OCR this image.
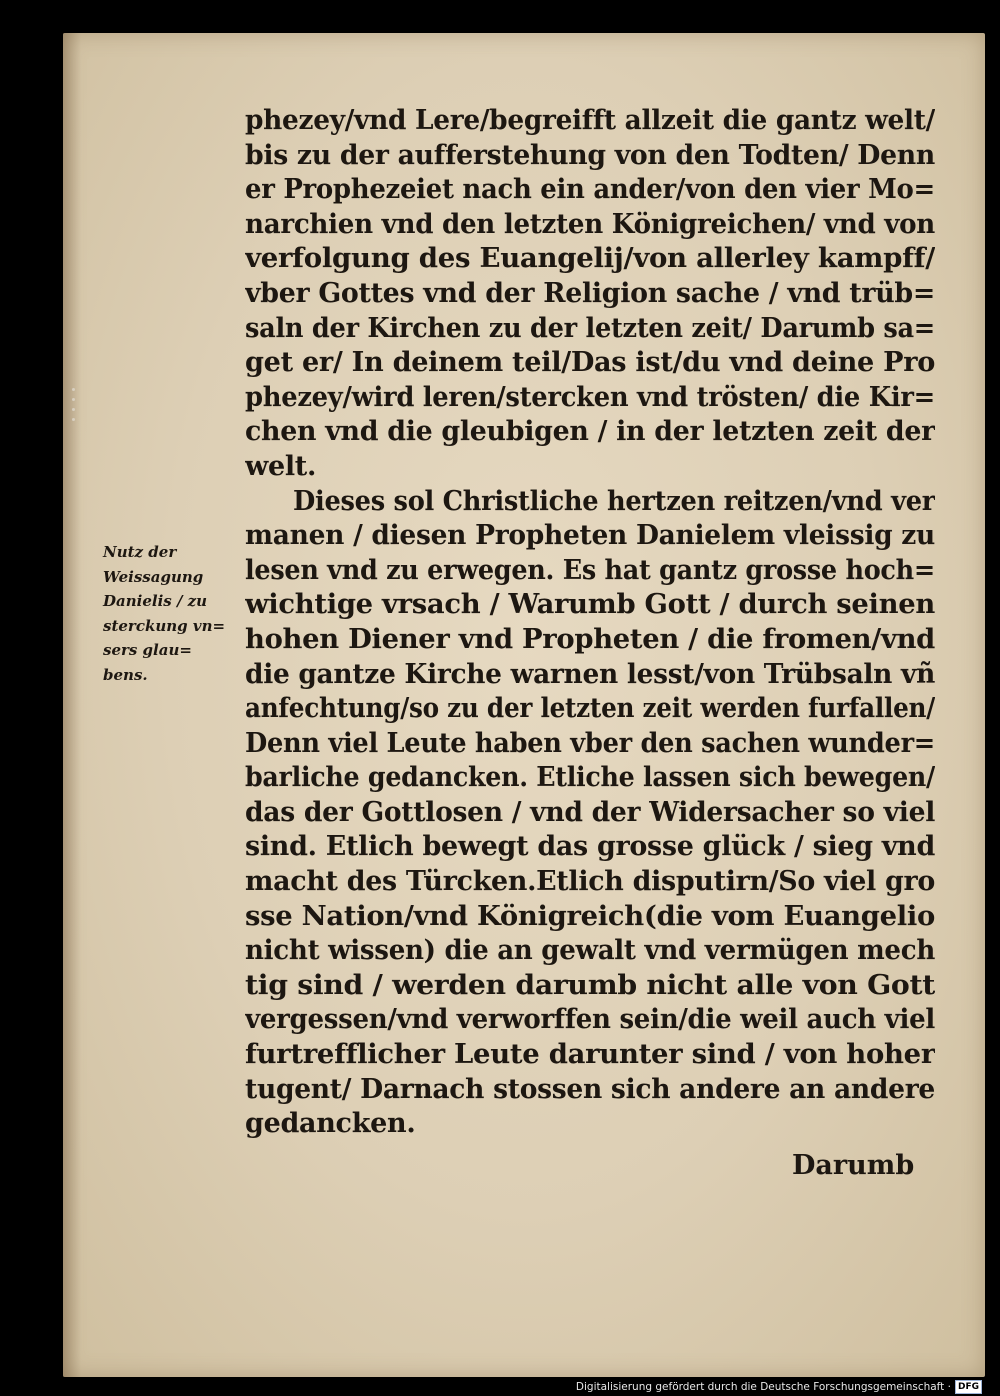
phezey/vnd Lere/begreifft allzeit die gantz welt/
bis zu der aufferstehung von den Todten/ Denn
er Prophezeiet nach ein ander/von den vier Mo=
narchien vnd den letzten Königreichen/ vnd von
verfolgung des Euangelij/von allerley kampff/
vber Gottes vnd der Religion sache / vnd trüb=
saln der Kirchen zu der letzten zeit/ Darumb sa=
get er/ In deinem teil/Das ist/du vnd deine Pro
phezey/wird leren/stercken vnd trösten/ die Kir=
chen vnd die gleubigen / in der letzten zeit der
welt.
Dieses sol Christliche hertzen reitzen/vnd ver
manen / diesen Propheten Danielem vleissig zu
lesen vnd zu erwegen. Es hat gantz grosse hoch=
wichtige vrsach / Warumb Gott / durch seinen
hohen Diener vnd Propheten / die fromen/vnd
die gantze Kirche warnen lesst/von Trübsaln vñ
anfechtung/so zu der letzten zeit werden furfallen/
Denn viel Leute haben vber den sachen wunder=
barliche gedancken. Etliche lassen sich bewegen/
das der Gottlosen / vnd der Widersacher so viel
sind. Etlich bewegt das grosse glück / sieg vnd
macht des Türcken.Etlich disputirn/So viel gro
sse Nation/vnd Königreich(die vom Euangelio
nicht wissen) die an gewalt vnd vermügen mech
tig sind / werden darumb nicht alle von Gott
vergessen/vnd verworffen sein/die weil auch viel
furtrefflicher Leute darunter sind / von hoher
tugent/ Darnach stossen sich andere an andere
gedancken.
Nutz der
Weissagung
Danielis / zu
sterckung vn=
sers glau=
bens.
Darumb
Digitalisierung gefördert durch die Deutsche Forschungsgemeinschaft · DFG
